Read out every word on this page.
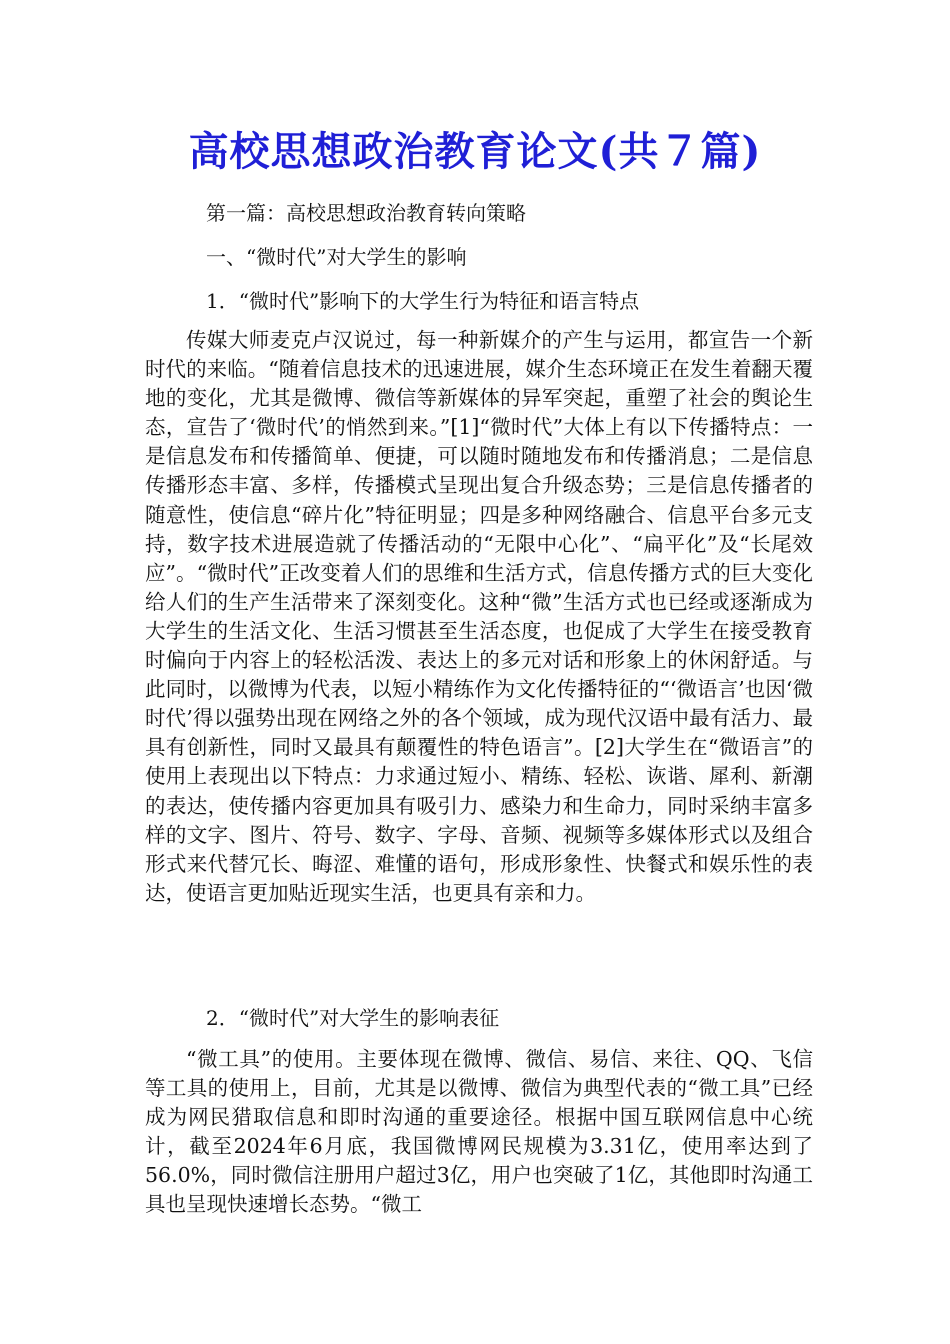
高校思想政治教育论文(共７篇)
第一篇：高校思想政治教育转向策略
一、“微时代”对大学生的影响
1．“微时代”影响下的大学生行为特征和语言特点
传媒大师麦克卢汉说过，每一种新媒介的产生与运用，都宣告一个新时代的来临。“随着信息技术的迅速进展，媒介生态环境正在发生着翻天覆地的变化，尤其是微博、微信等新媒体的异军突起，重塑了社会的舆论生态，宣告了‘微时代’的悄然到来。”[1]“微时代”大体上有以下传播特点：一是信息发布和传播简单、便捷，可以随时随地发布和传播消息；二是信息传播形态丰富、多样，传播模式呈现出复合升级态势；三是信息传播者的随意性，使信息“碎片化”特征明显；四是多种网络融合、信息平台多元支持，数字技术进展造就了传播活动的“无限中心化”、“扁平化”及“长尾效应”。“微时代”正改变着人们的思维和生活方式，信息传播方式的巨大变化给人们的生产生活带来了深刻变化。这种“微”生活方式也已经或逐渐成为大学生的生活文化、生活习惯甚至生活态度，也促成了大学生在接受教育时偏向于内容上的轻松活泼、表达上的多元对话和形象上的休闲舒适。与此同时，以微博为代表，以短小精练作为文化传播特征的“‘微语言’也因‘微时代’得以强势出现在网络之外的各个领域，成为现代汉语中最有活力、最具有创新性，同时又最具有颠覆性的特色语言”。[2]大学生在“微语言”的使用上表现出以下特点：力求通过短小、精练、轻松、诙谐、犀利、新潮的表达，使传播内容更加具有吸引力、感染力和生命力，同时采纳丰富多样的文字、图片、符号、数字、字母、音频、视频等多媒体形式以及组合形式来代替冗长、晦涩、难懂的语句，形成形象性、快餐式和娱乐性的表达，使语言更加贴近现实生活，也更具有亲和力。
2．“微时代”对大学生的影响表征
“微工具”的使用。主要体现在微博、微信、易信、来往、QQ、飞信等工具的使用上，目前，尤其是以微博、微信为典型代表的“微工具”已经成为网民猎取信息和即时沟通的重要途径。根据中国互联网信息中心统计，截至2024年6月底，我国微博网民规模为3.31亿，使用率达到了56.0%，同时微信注册用户超过3亿，用户也突破了1亿，其他即时沟通工具也呈现快速增长态势。“微工
